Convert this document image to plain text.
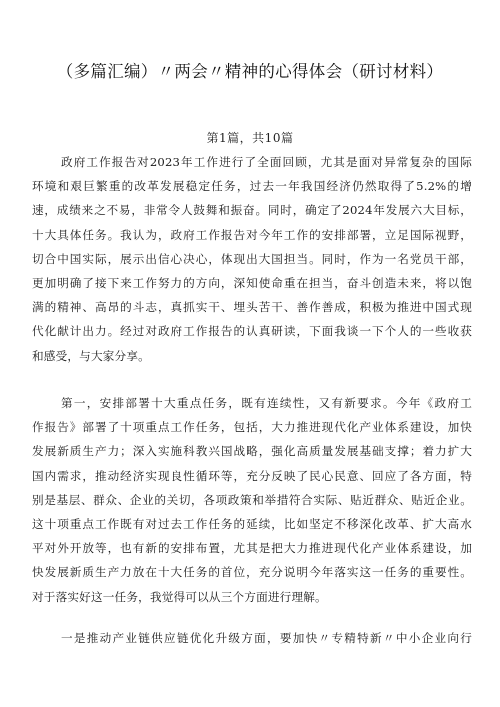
（多篇汇编）〃两会〃精神的心得体会（研讨材料）
第1篇，共10篇
政府工作报告对2023年工作进行了全面回顾，尤其是面对异常复杂的国际
环境和艰巨繁重的改革发展稳定任务，过去一年我国经济仍然取得了5.2%的增
速，成绩来之不易，非常令人鼓舞和振奋。同时，确定了2024年发展六大目标，
十大具体任务。我认为，政府工作报告对今年工作的安排部署，立足国际视野，
切合中国实际，展示出信心决心，体现出大国担当。同时，作为一名党员干部，
更加明确了接下来工作努力的方向，深知使命重在担当，奋斗创造未来，将以饱
满的精神、高昂的斗志，真抓实干、埋头苦干、善作善成，积极为推进中国式现
代化献计出力。经过对政府工作报告的认真研读，下面我谈一下个人的一些收获
和感受，与大家分享。
第一，安排部署十大重点任务，既有连续性，又有新要求。今年《政府工
作报告》部署了十项重点工作任务，包括，大力推进现代化产业体系建设，加快
发展新质生产力；深入实施科教兴国战略，强化高质量发展基础支撑；着力扩大
国内需求，推动经济实现良性循环等，充分反映了民心民意、回应了各方面，特
别是基层、群众、企业的关切，各项政策和举措符合实际、贴近群众、贴近企业。
这十项重点工作既有对过去工作任务的延续，比如坚定不移深化改革、扩大高水
平对外开放等，也有新的安排布置，尤其是把大力推进现代化产业体系建设，加
快发展新质生产力放在十大任务的首位，充分说明今年落实这一任务的重要性。
对于落实好这一任务，我觉得可以从三个方面进行理解。
一是推动产业链供应链优化升级方面，要加快〃专精特新〃中小企业向行
